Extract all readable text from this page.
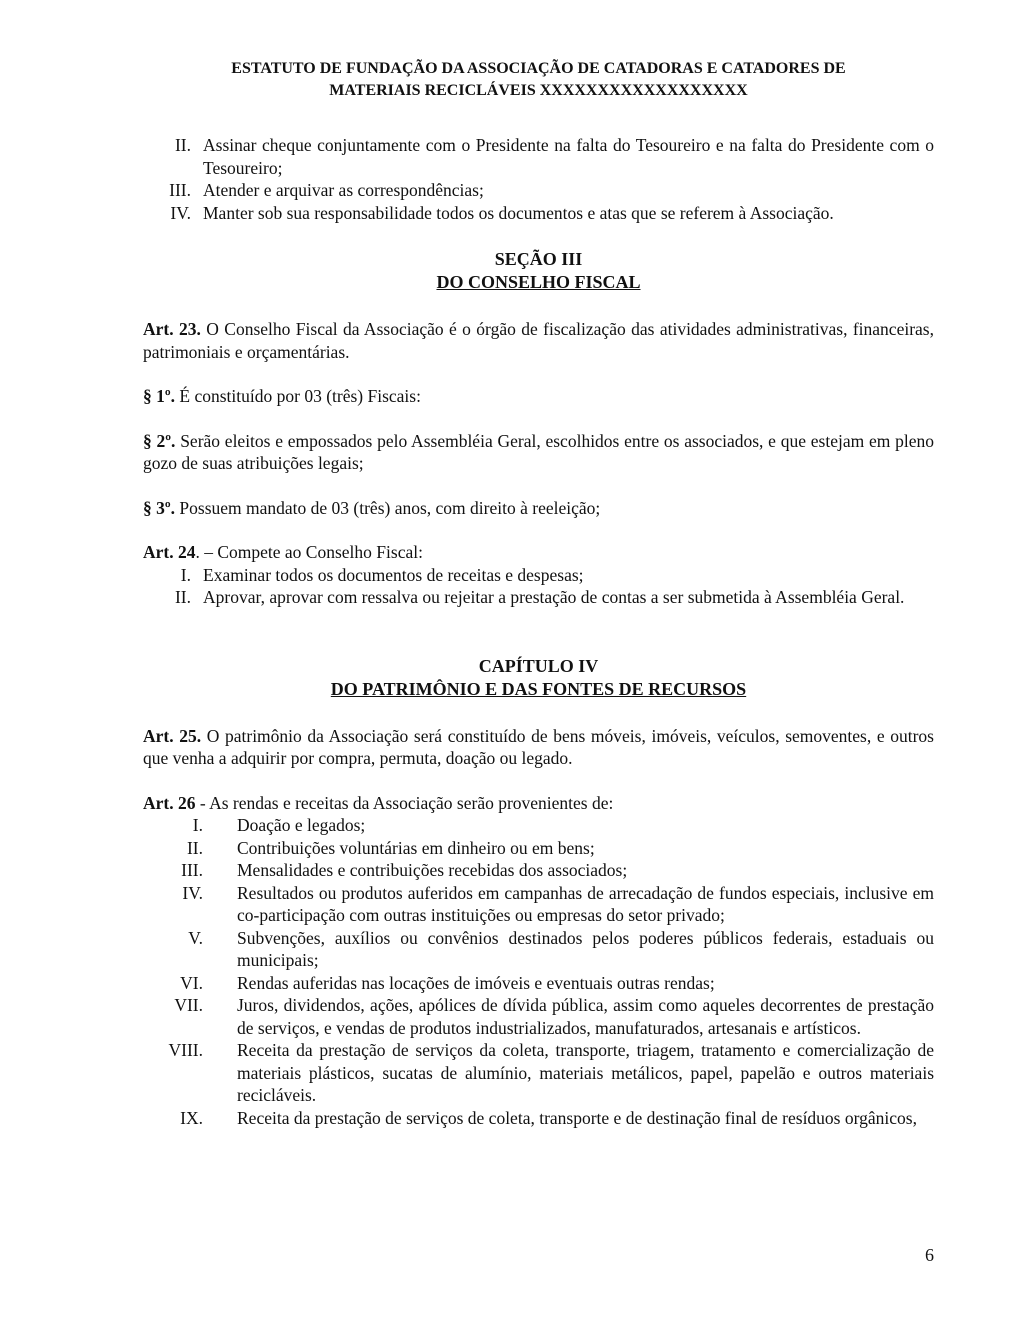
ESTATUTO DE FUNDAÇÃO DA ASSOCIAÇÃO DE CATADORAS E CATADORES DE
MATERIAIS RECICLÁVEIS XXXXXXXXXXXXXXXXXX
II. Assinar cheque conjuntamente com o Presidente na falta do Tesoureiro e na falta do Presidente com o Tesoureiro;
III. Atender e arquivar as correspondências;
IV. Manter sob sua responsabilidade todos os documentos e atas que se referem à Associação.
SEÇÃO III
DO CONSELHO FISCAL

Art. 23. O Conselho Fiscal da Associação é o órgão de fiscalização das atividades administrativas, financeiras, patrimoniais e orçamentárias.

§ 1º. É constituído por 03 (três) Fiscais:

§ 2º. Serão eleitos e empossados pelo Assembléia Geral, escolhidos entre os associados, e que estejam em pleno gozo de suas atribuições legais;

§ 3º. Possuem mandato de 03 (três) anos, com direito à reeleição;

Art. 24. – Compete ao Conselho Fiscal:

I. Examinar todos os documentos de receitas e despesas;
II. Aprovar, aprovar com ressalva ou rejeitar a prestação de contas a ser submetida à Assembléia Geral.
CAPÍTULO IV
DO PATRIMÔNIO E DAS FONTES DE RECURSOS

Art. 25. O patrimônio da Associação será constituído de bens móveis, imóveis, veículos, semoventes, e outros que venha a adquirir por compra, permuta, doação ou legado.

Art. 26 - As rendas e receitas da Associação serão provenientes de:

I. Doação e legados;
II. Contribuições voluntárias em dinheiro ou em bens;
III. Mensalidades e contribuições recebidas dos associados;
IV. Resultados ou produtos auferidos em campanhas de arrecadação de fundos especiais, inclusive em co-participação com outras instituições ou empresas do setor privado;
V. Subvenções, auxílios ou convênios destinados pelos poderes públicos federais, estaduais ou municipais;
VI. Rendas auferidas nas locações de imóveis e eventuais outras rendas;
VII. Juros, dividendos, ações, apólices de dívida pública, assim como aqueles decorrentes de prestação de serviços, e vendas de produtos industrializados, manufaturados, artesanais e artísticos.
VIII. Receita da prestação de serviços da coleta, transporte, triagem, tratamento e comercialização de materiais plásticos, sucatas de alumínio, materiais metálicos, papel, papelão e outros materiais recicláveis.
IX. Receita da prestação de serviços de coleta, transporte e de destinação final de resíduos orgânicos,
6
